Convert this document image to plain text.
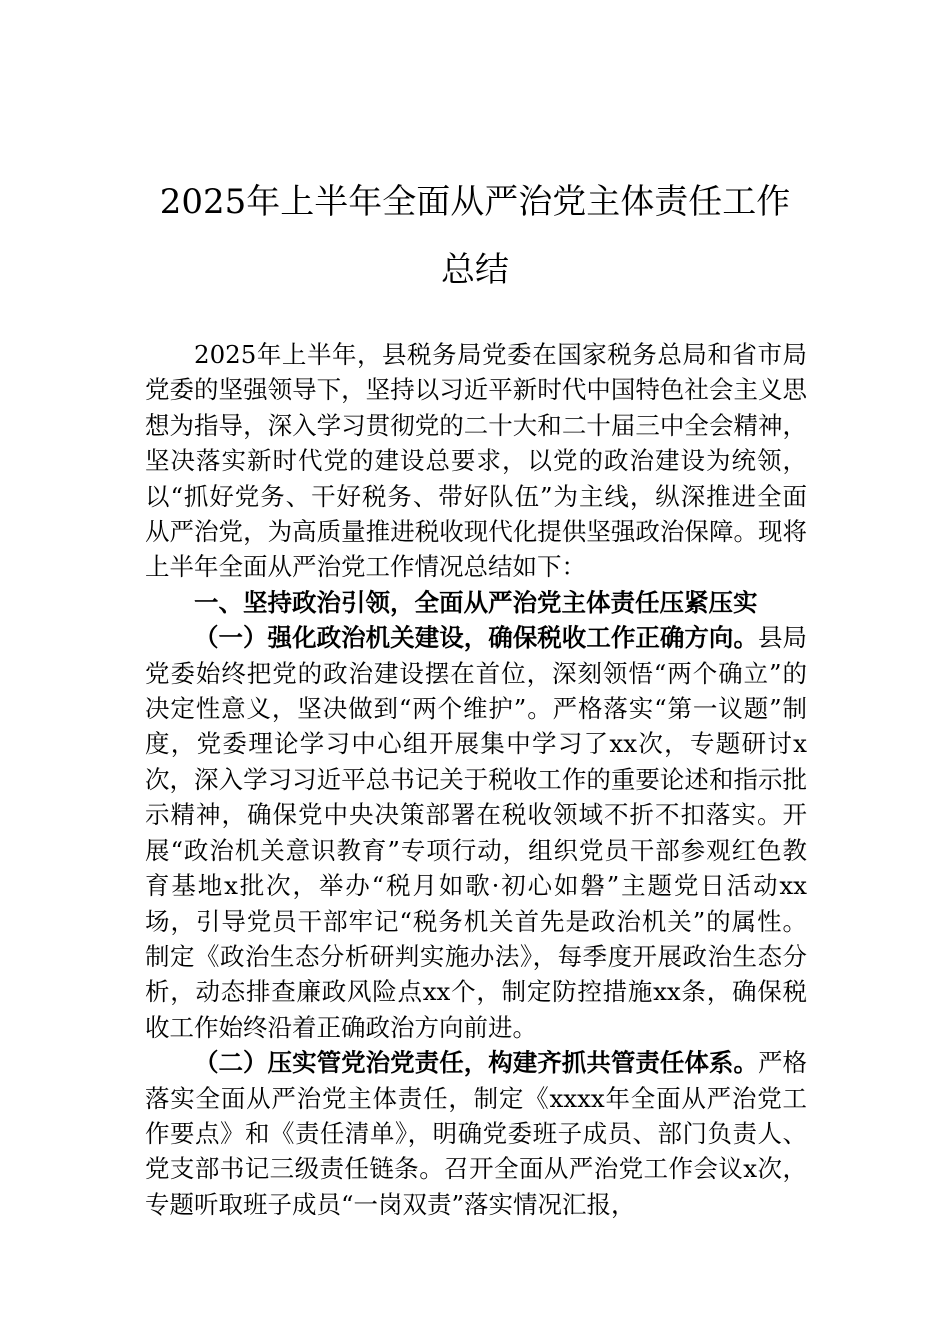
2025年上半年全面从严治党主体责任工作
总结

2025年上半年，县税务局党委在国家税务总局和省市局党委的坚强领导下，坚持以习近平新时代中国特色社会主义思想为指导，深入学习贯彻党的二十大和二十届三中全会精神，坚决落实新时代党的建设总要求，以党的政治建设为统领，以“抓好党务、干好税务、带好队伍”为主线，纵深推进全面从严治党，为高质量推进税收现代化提供坚强政治保障。现将上半年全面从严治党工作情况总结如下：

一、坚持政治引领，全面从严治党主体责任压紧压实

（一）强化政治机关建设，确保税收工作正确方向。县局党委始终把党的政治建设摆在首位，深刻领悟“两个确立”的决定性意义，坚决做到“两个维护”。严格落实“第一议题”制度，党委理论学习中心组开展集中学习了xx次，专题研讨x次，深入学习习近平总书记关于税收工作的重要论述和指示批示精神，确保党中央决策部署在税收领域不折不扣落实。开展“政治机关意识教育”专项行动，组织党员干部参观红色教育基地x批次，举办“税月如歌·初心如磐”主题党日活动xx场，引导党员干部牢记“税务机关首先是政治机关”的属性。制定《政治生态分析研判实施办法》，每季度开展政治生态分析，动态排查廉政风险点xx个，制定防控措施xx条，确保税收工作始终沿着正确政治方向前进。

（二）压实管党治党责任，构建齐抓共管责任体系。严格落实全面从严治党主体责任，制定《xxxx年全面从严治党工作要点》和《责任清单》，明确党委班子成员、部门负责人、党支部书记三级责任链条。召开全面从严治党工作会议x次，专题听取班子成员“一岗双责”落实情况汇报，
